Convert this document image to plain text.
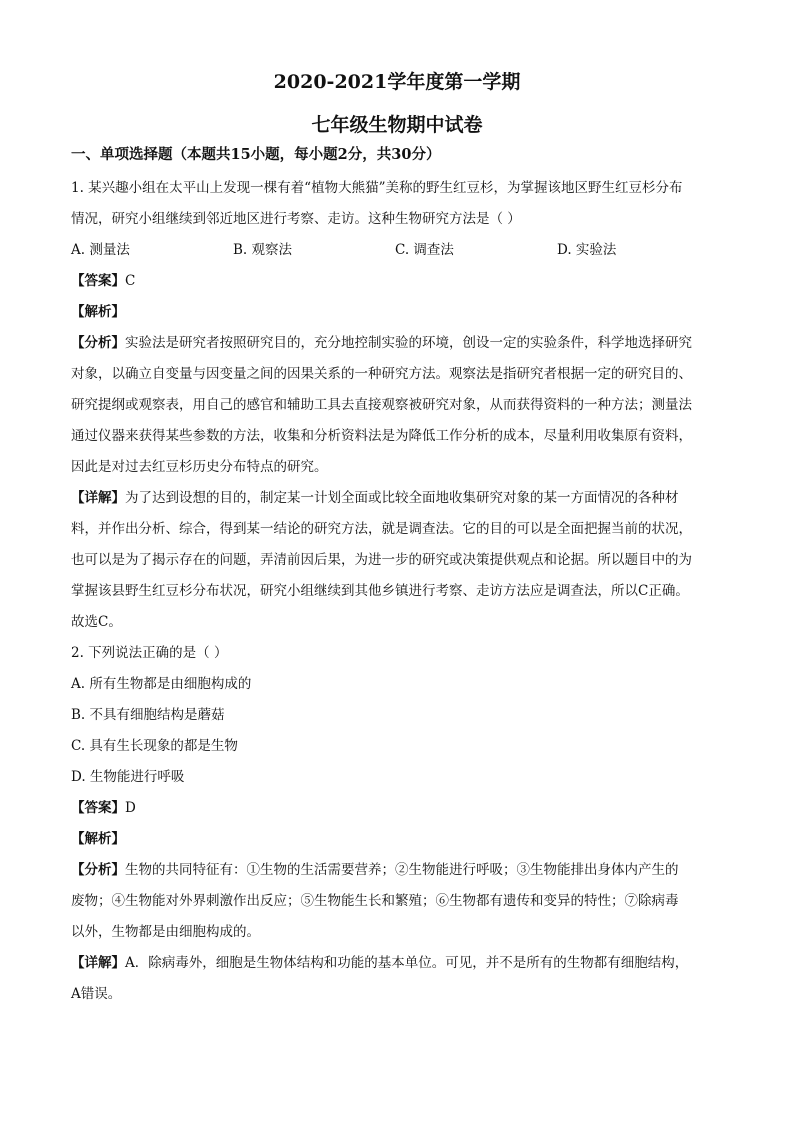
2020-2021学年度第一学期
七年级生物期中试卷
一、单项选择题（本题共15小题，每小题2分，共30分）

1. 某兴趣小组在太平山上发现一棵有着“植物大熊猫”美称的野生红豆杉，为掌握该地区野生红豆杉分布

情况，研究小组继续到邻近地区进行考察、走访。这种生物研究方法是（ ）

A. 测量法	B. 观察法	C. 调查法	D. 实验法

【答案】C

【解析】

【分析】实验法是研究者按照研究目的，充分地控制实验的环境，创设一定的实验条件，科学地选择研究

对象，以确立自变量与因变量之间的因果关系的一种研究方法。观察法是指研究者根据一定的研究目的、

研究提纲或观察表，用自己的感官和辅助工具去直接观察被研究对象，从而获得资料的一种方法；测量法

通过仪器来获得某些参数的方法，收集和分析资料法是为降低工作分析的成本，尽量利用收集原有资料，

因此是对过去红豆杉历史分布特点的研究。

【详解】为了达到设想的目的，制定某一计划全面或比较全面地收集研究对象的某一方面情况的各种材

料，并作出分析、综合，得到某一结论的研究方法，就是调查法。它的目的可以是全面把握当前的状况，

也可以是为了揭示存在的问题，弄清前因后果，为进一步的研究或决策提供观点和论据。所以题目中的为

掌握该县野生红豆杉分布状况，研究小组继续到其他乡镇进行考察、走访方法应是调查法，所以C正确。

故选C。

2. 下列说法正确的是（ ）

A. 所有生物都是由细胞构成的

B. 不具有细胞结构是蘑菇

C. 具有生长现象的都是生物

D. 生物能进行呼吸

【答案】D

【解析】

【分析】生物的共同特征有：①生物的生活需要营养；②生物能进行呼吸；③生物能排出身体内产生的

废物；④生物能对外界刺激作出反应；⑤生物能生长和繁殖；⑥生物都有遗传和变异的特性；⑦除病毒

以外，生物都是由细胞构成的。

【详解】A．除病毒外，细胞是生物体结构和功能的基本单位。可见，并不是所有的生物都有细胞结构，

A错误。
